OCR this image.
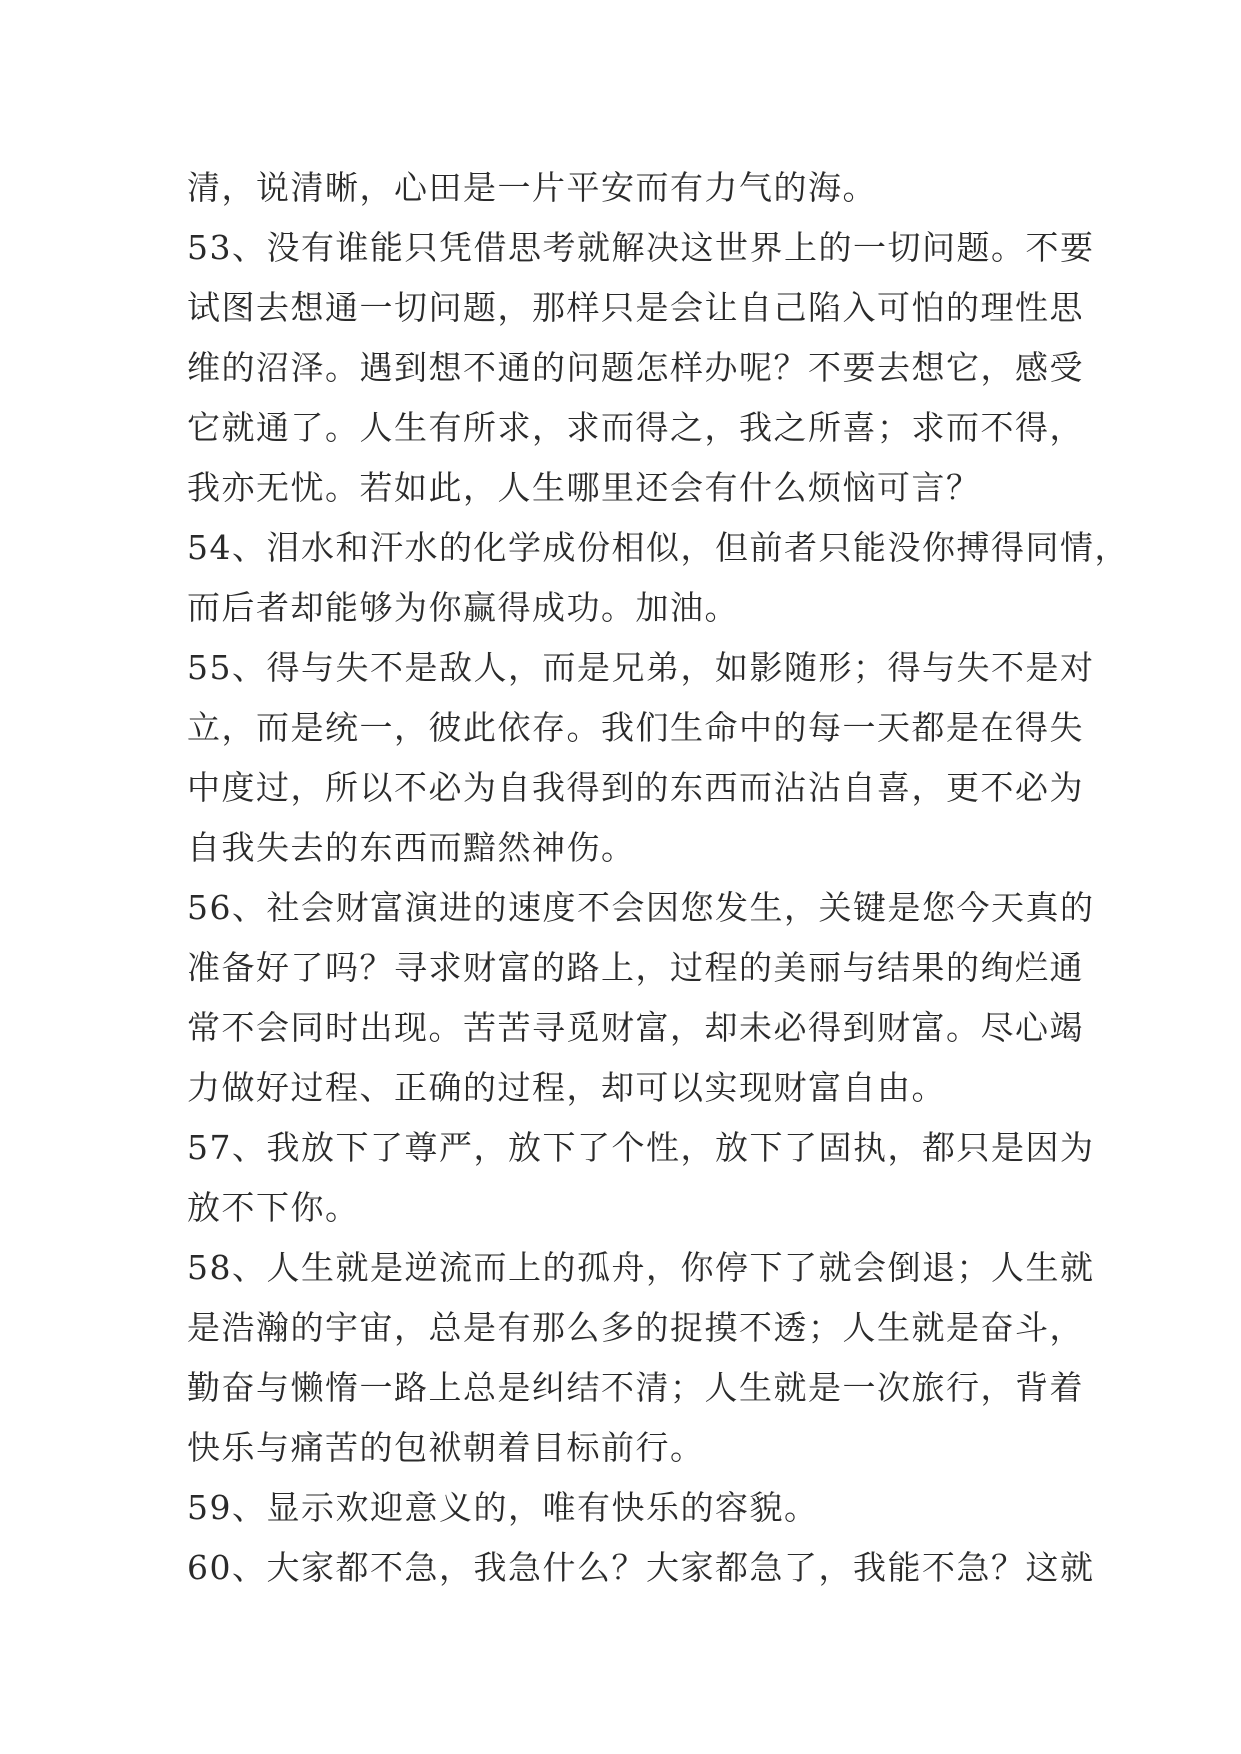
清，说清晰，心田是一片平安而有力气的海。
53、没有谁能只凭借思考就解决这世界上的一切问题。不要
试图去想通一切问题，那样只是会让自己陷入可怕的理性思
维的沼泽。遇到想不通的问题怎样办呢？不要去想它，感受
它就通了。人生有所求，求而得之，我之所喜；求而不得，
我亦无忧。若如此，人生哪里还会有什么烦恼可言？
54、泪水和汗水的化学成份相似，但前者只能没你搏得同情，
而后者却能够为你赢得成功。加油。
55、得与失不是敌人，而是兄弟，如影随形；得与失不是对
立，而是统一，彼此依存。我们生命中的每一天都是在得失
中度过，所以不必为自我得到的东西而沾沾自喜，更不必为
自我失去的东西而黯然神伤。
56、社会财富演进的速度不会因您发生，关键是您今天真的
准备好了吗？寻求财富的路上，过程的美丽与结果的绚烂通
常不会同时出现。苦苦寻觅财富，却未必得到财富。尽心竭
力做好过程、正确的过程，却可以实现财富自由。
57、我放下了尊严，放下了个性，放下了固执，都只是因为
放不下你。
58、人生就是逆流而上的孤舟，你停下了就会倒退；人生就
是浩瀚的宇宙，总是有那么多的捉摸不透；人生就是奋斗，
勤奋与懒惰一路上总是纠结不清；人生就是一次旅行，背着
快乐与痛苦的包袱朝着目标前行。
59、显示欢迎意义的，唯有快乐的容貌。
60、大家都不急，我急什么？大家都急了，我能不急？这就
